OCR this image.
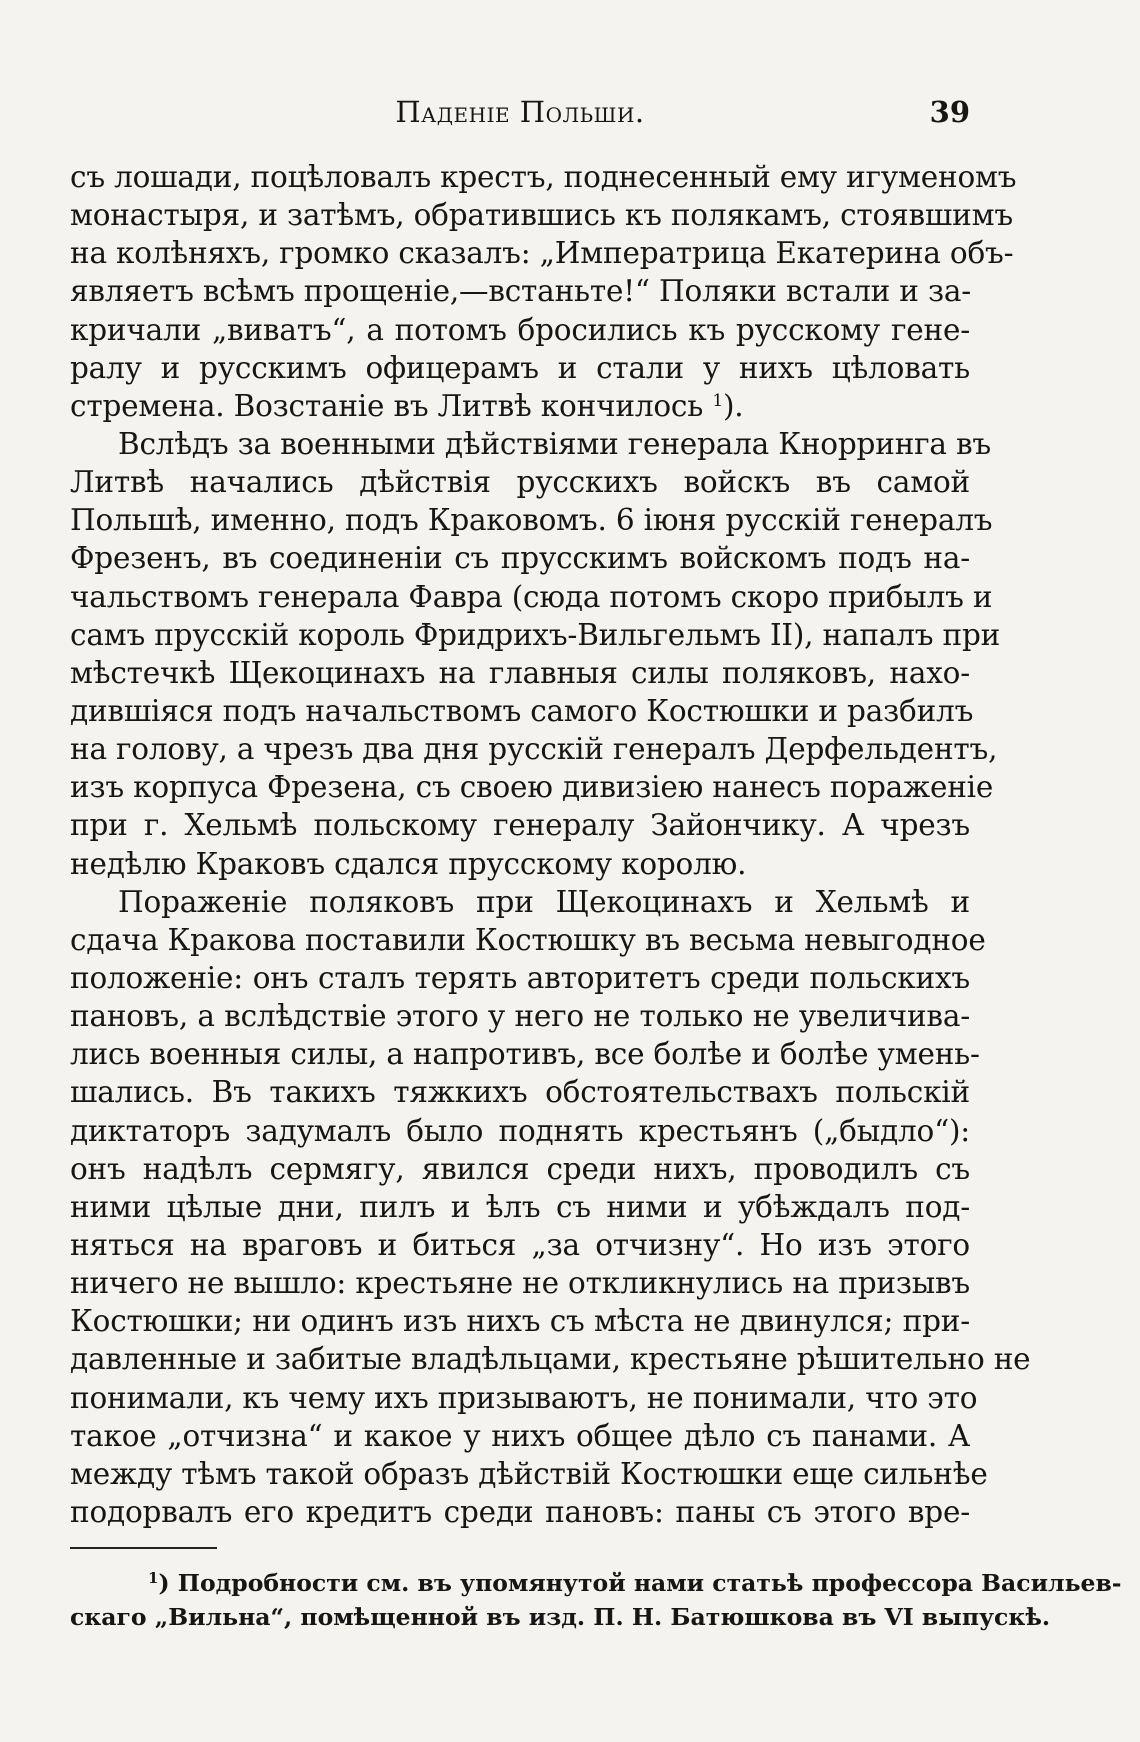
Паденiе Польши.	39
съ лошади, поцѣловалъ крестъ, поднесенный ему игуменомъ
монастыря, и затѣмъ, обратившись къ полякамъ, стоявшимъ
на колѣняхъ, громко сказалъ: „Императрица Екатерина объ-
являетъ всѣмъ прощенiе,—встаньте!“ Поляки встали и за-
кричали „виватъ“, а потомъ бросились къ русскому гене-
ралу и русскимъ офицерамъ и стали у нихъ цѣловать
стремена. Возстанiе въ Литвѣ кончилось $^1$).
Вслѣдъ за военными дѣйствiями генерала Кнорринга въ
Литвѣ начались дѣйствiя русскихъ войскъ въ самой
Польшѣ, именно, подъ Краковомъ. 6 iюня русскiй генералъ
Фрезенъ, въ соединенiи съ прусскимъ войскомъ подъ на-
чальствомъ генерала Фавра (сюда потомъ скоро прибылъ и
самъ прусскiй король Фридрихъ-Вильгельмъ II), напалъ при
мѣстечкѣ Щекоцинахъ на главныя силы поляковъ, нахо-
дившiяся подъ начальствомъ самого Костюшки и разбилъ
на голову, а чрезъ два дня русскiй генералъ Дерфельдентъ,
изъ корпуса Фрезена, съ своею дивизiею нанесъ пораженiе
при г. Хельмѣ польскому генералу Зайончику. А чрезъ
недѣлю Краковъ сдался прусскому королю.
Пораженiе поляковъ при Щекоцинахъ и Хельмѣ и
сдача Кракова поставили Костюшку въ весьма невыгодное
положенiе: онъ сталъ терять авторитетъ среди польскихъ
пановъ, а вслѣдствiе этого у него не только не увеличива-
лись военныя силы, а напротивъ, все болѣе и болѣе умень-
шались. Въ такихъ тяжкихъ обстоятельствахъ польскiй
диктаторъ задумалъ было поднять крестьянъ („быдло“):
онъ надѣлъ сермягу, явился среди нихъ, проводилъ съ
ними цѣлые дни, пилъ и ѣлъ съ ними и убѣждалъ под-
няться на враговъ и биться „за отчизну“. Но изъ этого
ничего не вышло: крестьяне не откликнулись на призывъ
Костюшки; ни одинъ изъ нихъ съ мѣста не двинулся; при-
давленные и забитые владѣльцами, крестьяне рѣшительно не
понимали, къ чему ихъ призываютъ, не понимали, что это
такое „отчизна“ и какое у нихъ общее дѣло съ панами. А
между тѣмъ такой образъ дѣйствiй Костюшки еще сильнѣе
подорвалъ его кредитъ среди пановъ: паны съ этого вре-
$^1$) Подробности см. въ упомянутой нами статьѣ профессора Васильев-
скаго „Вильна“, помѣщенной въ изд. П. Н. Батюшкова въ VI выпускѣ.
